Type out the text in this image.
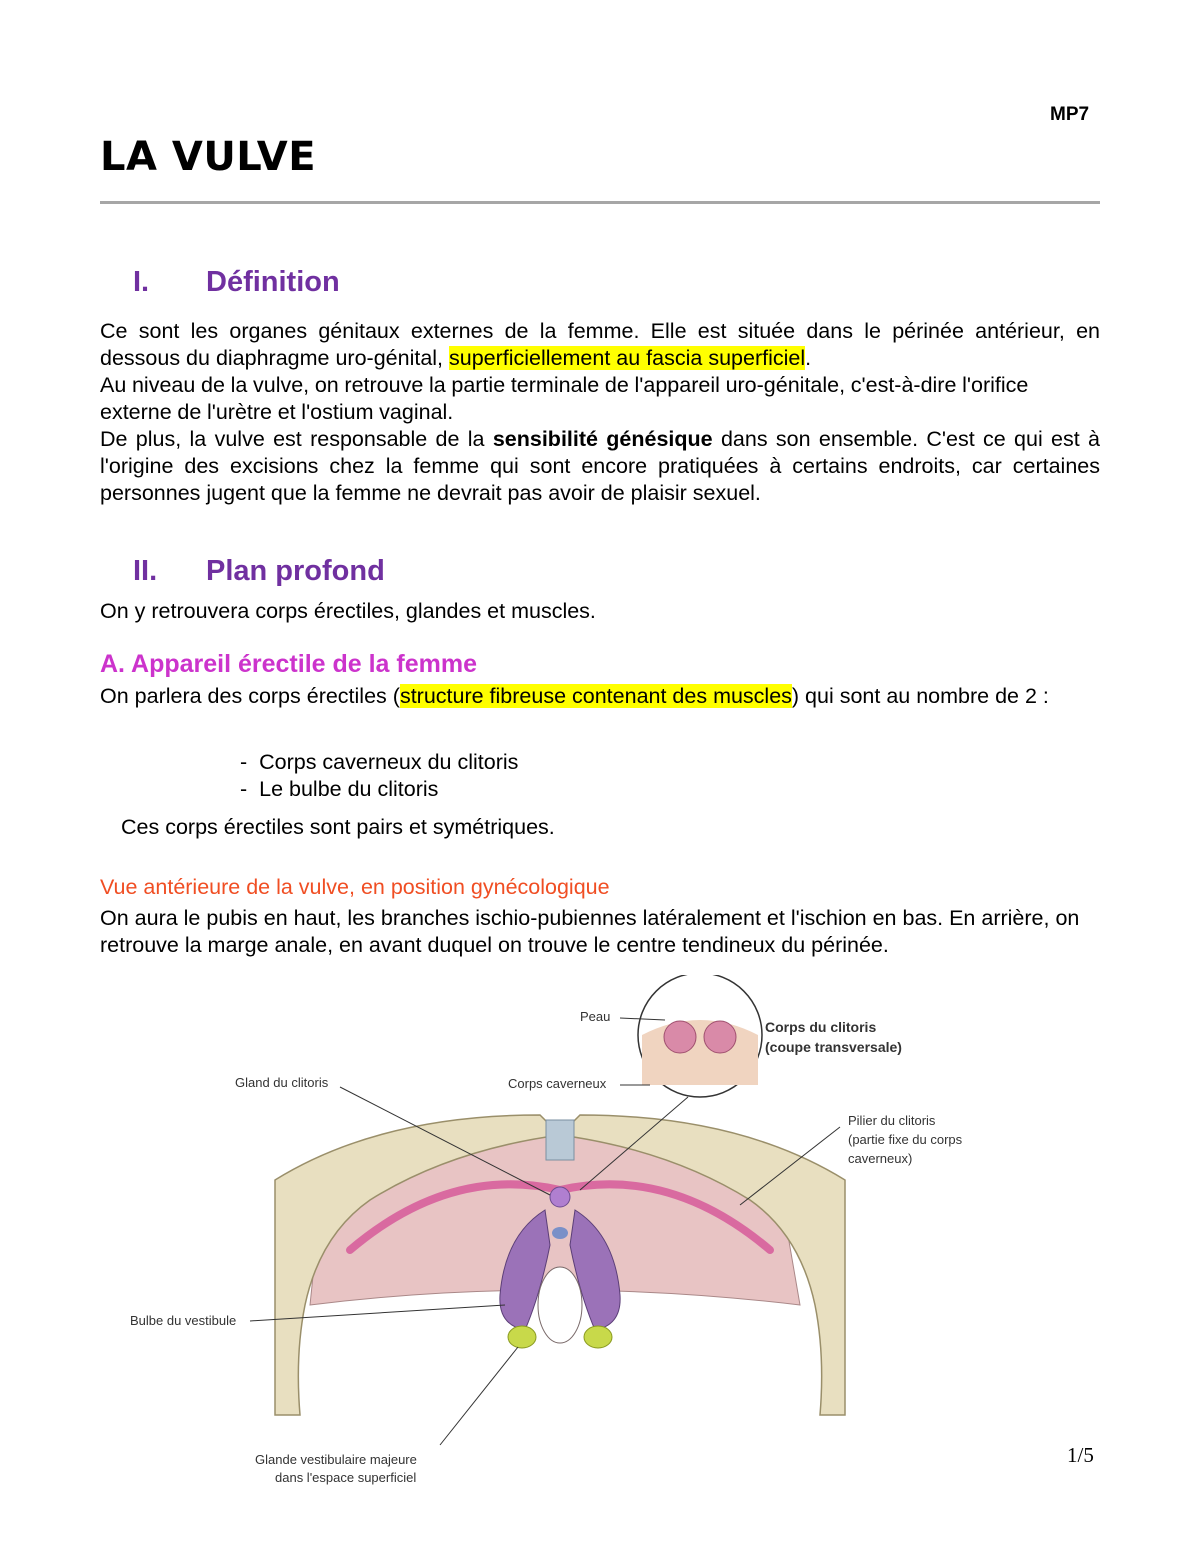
MP7
LA VULVE
I. Définition
Ce sont les organes génitaux externes de la femme. Elle est située dans le périnée antérieur, en dessous du diaphragme uro-génital, superficiellement au fascia superficiel.
Au niveau de la vulve, on retrouve la partie terminale de l'appareil uro-génitale, c'est-à-dire l'orifice externe de l'urètre et l'ostium vaginal.
De plus, la vulve est responsable de la sensibilité génésique dans son ensemble. C'est ce qui est à l'origine des excisions chez la femme qui sont encore pratiquées à certains endroits, car certaines personnes jugent que la femme ne devrait pas avoir de plaisir sexuel.
II. Plan profond
On y retrouvera corps érectiles, glandes et muscles.
A. Appareil érectile de la femme
On parlera des corps érectiles (structure fibreuse contenant des muscles) qui sont au nombre de 2 :
-  Corps caverneux du clitoris
-  Le bulbe du clitoris
Ces corps érectiles sont pairs et symétriques.
Vue antérieure de la vulve, en position gynécologique
On aura le pubis en haut, les branches ischio-pubiennes latéralement et l'ischion en bas. En arrière, on retrouve la marge anale, en avant duquel on trouve le centre tendineux du périnée.
Peau
Corps du clitoris
(coupe transversale)
Gland du clitoris	Corps caverneux
Pilier du clitoris
(partie fixe du corps
caverneux)
Bulbe du vestibule
Glande vestibulaire majeure
dans l'espace superficiel
1/5
